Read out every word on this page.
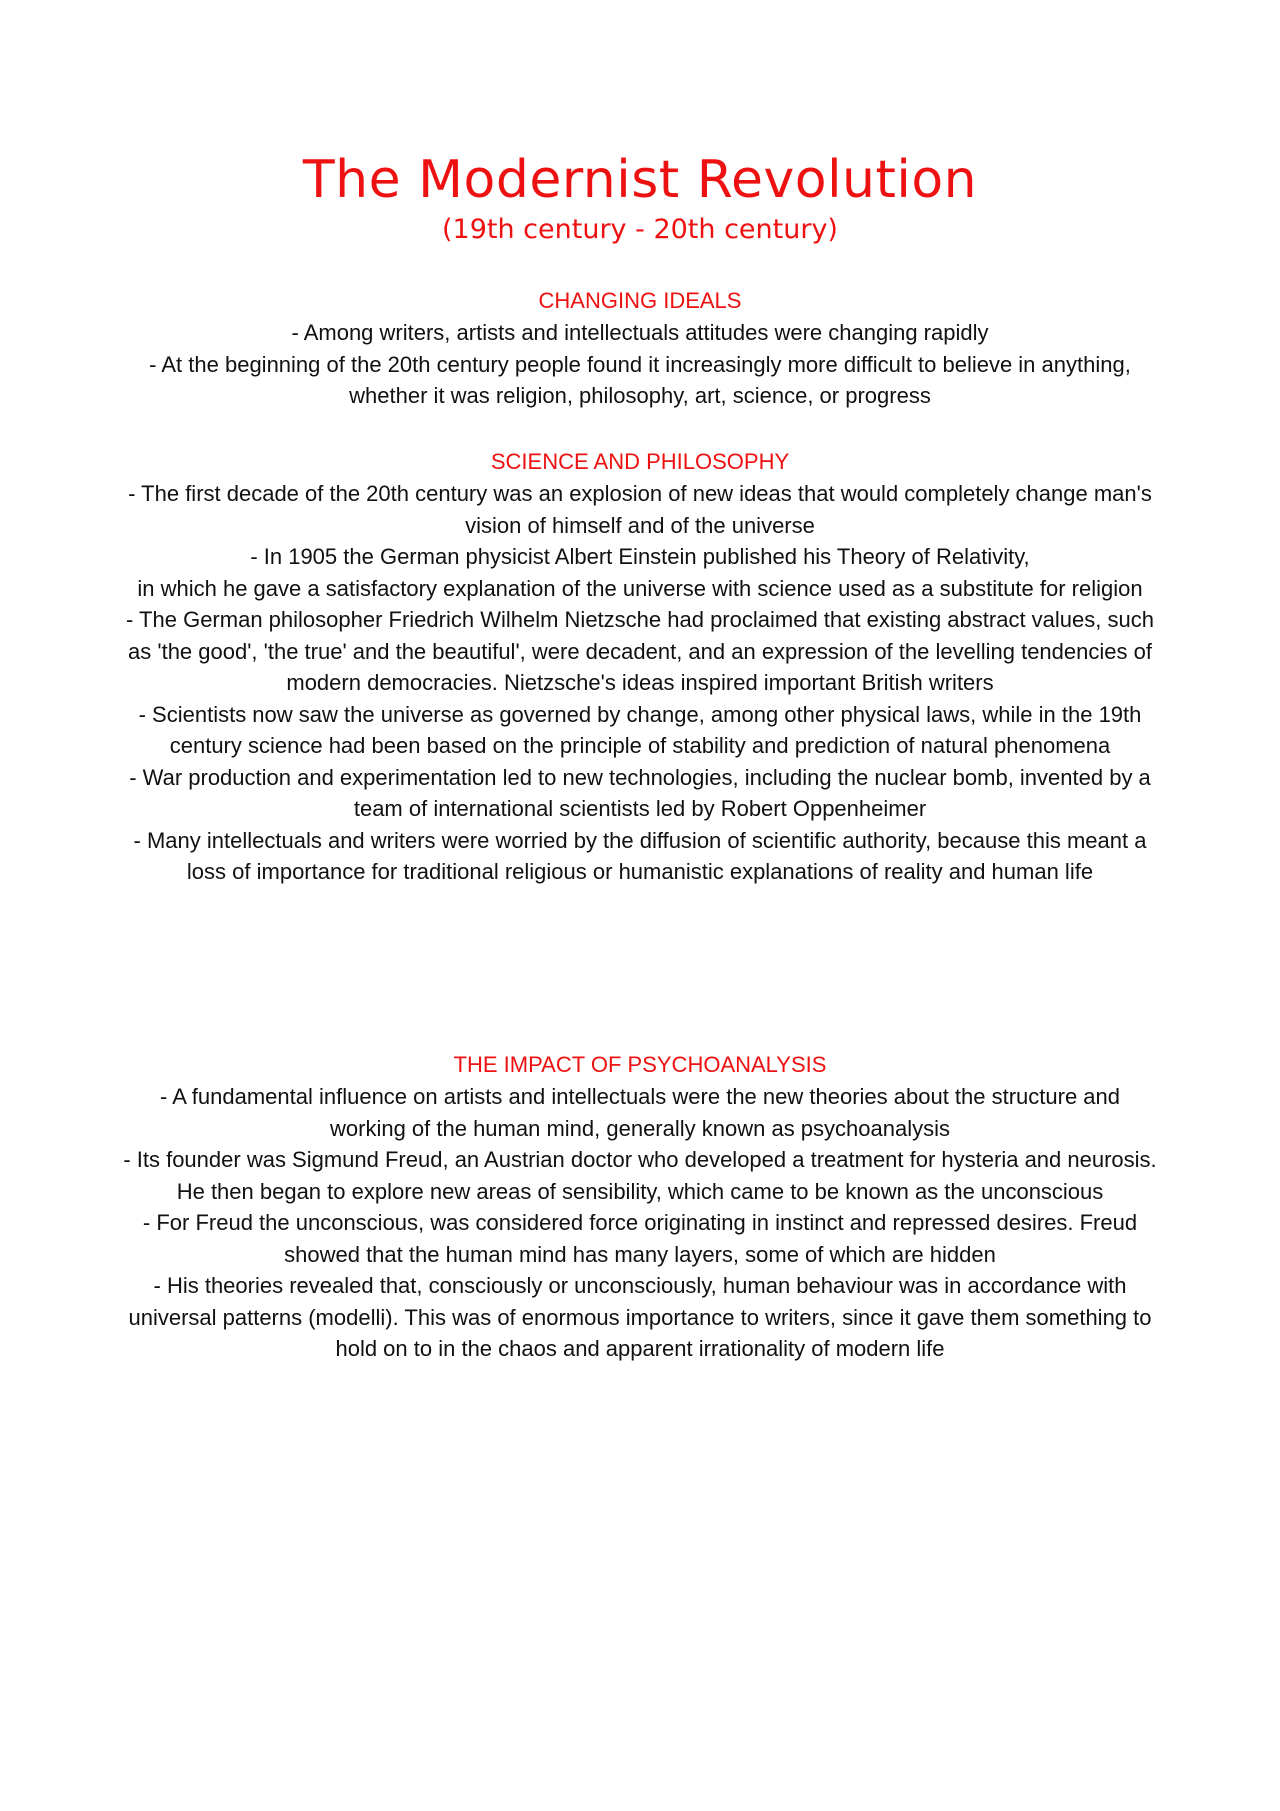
The Modernist Revolution
(19th century - 20th century)
CHANGING IDEALS

- Among writers, artists and intellectuals attitudes were changing rapidly

- At the beginning of the 20th century people found it increasingly more difficult to believe in anything, whether it was religion, philosophy, art, science, or progress

SCIENCE AND PHILOSOPHY

- The first decade of the 20th century was an explosion of new ideas that would completely change man's vision of himself and of the universe

- In 1905 the German physicist Albert Einstein published his Theory of Relativity,

in which he gave a satisfactory explanation of the universe with science used as a substitute for religion

- The German philosopher Friedrich Wilhelm Nietzsche had proclaimed that existing abstract values, such as 'the good', 'the true' and the beautiful', were decadent, and an expression of the levelling tendencies of modern democracies. Nietzsche's ideas inspired important British writers

- Scientists now saw the universe as governed by change, among other physical laws, while in the 19th century science had been based on the principle of stability and prediction of natural phenomena

- War production and experimentation led to new technologies, including the nuclear bomb, invented by a team of international scientists led by Robert Oppenheimer

- Many intellectuals and writers were worried by the diffusion of scientific authority, because this meant a loss of importance for traditional religious or humanistic explanations of reality and human life

THE IMPACT OF PSYCHOANALYSIS

- A fundamental influence on artists and intellectuals were the new theories about the structure and working of the human mind, generally known as psychoanalysis

- Its founder was Sigmund Freud, an Austrian doctor who developed a treatment for hysteria and neurosis. He then began to explore new areas of sensibility, which came to be known as the unconscious

- For Freud the unconscious, was considered force originating in instinct and repressed desires. Freud showed that the human mind has many layers, some of which are hidden

- His theories revealed that, consciously or unconsciously, human behaviour was in accordance with universal patterns (modelli). This was of enormous importance to writers, since it gave them something to hold on to in the chaos and apparent irrationality of modern life
